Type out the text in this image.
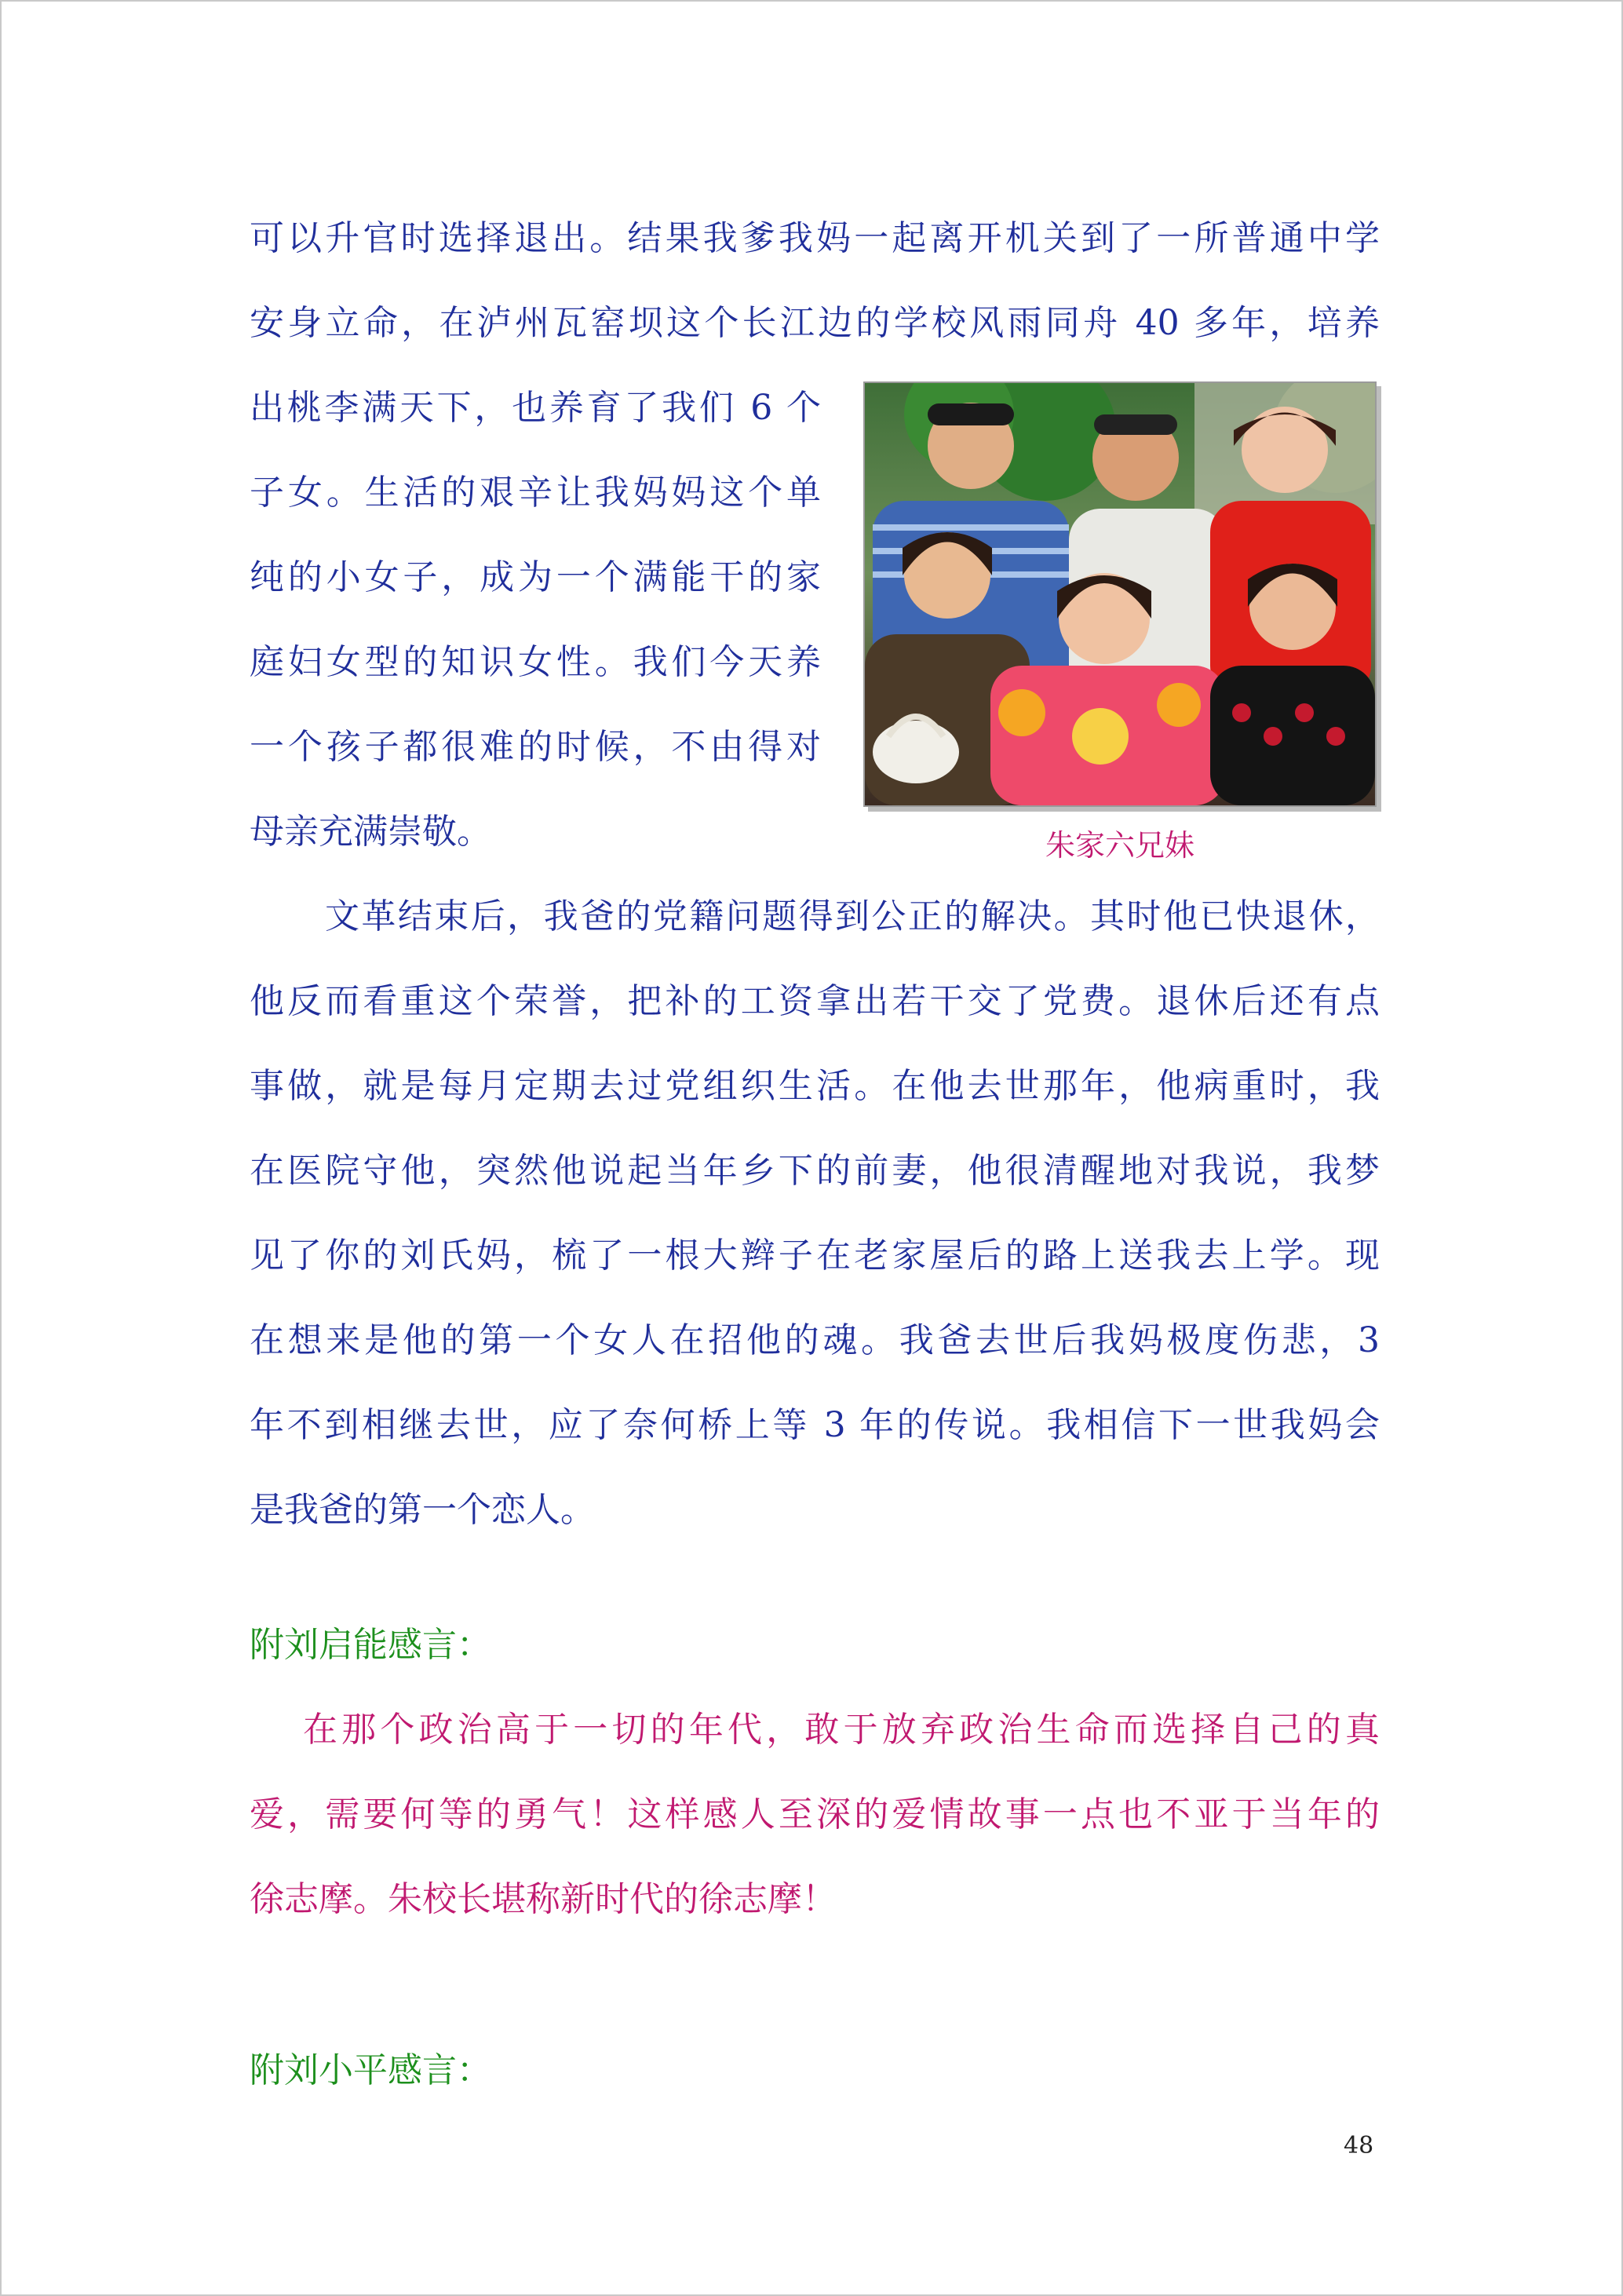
可以升官时选择退出。结果我爹我妈一起离开机关到了一所普通中学
安身立命，在泸州瓦窑坝这个长江边的学校风雨同舟 40 多年，培养
出桃李满天下，也养育了我们 6 个
子女。生活的艰辛让我妈妈这个单
纯的小女子，成为一个满能干的家
庭妇女型的知识女性。我们今天养
一个孩子都很难的时候，不由得对
母亲充满崇敬。	朱家六兄妹
文革结束后，我爸的党籍问题得到公正的解决。其时他已快退休，
他反而看重这个荣誉，把补的工资拿出若干交了党费。退休后还有点
事做，就是每月定期去过党组织生活。在他去世那年，他病重时，我
在医院守他，突然他说起当年乡下的前妻，他很清醒地对我说，我梦
见了你的刘氏妈，梳了一根大辫子在老家屋后的路上送我去上学。现
在想来是他的第一个女人在招他的魂。我爸去世后我妈极度伤悲，3
年不到相继去世，应了奈何桥上等 3 年的传说。我相信下一世我妈会
是我爸的第一个恋人。
附刘启能感言：
在那个政治高于一切的年代，敢于放弃政治生命而选择自己的真
爱，需要何等的勇气！这样感人至深的爱情故事一点也不亚于当年的
徐志摩。朱校长堪称新时代的徐志摩！
附刘小平感言：
48
